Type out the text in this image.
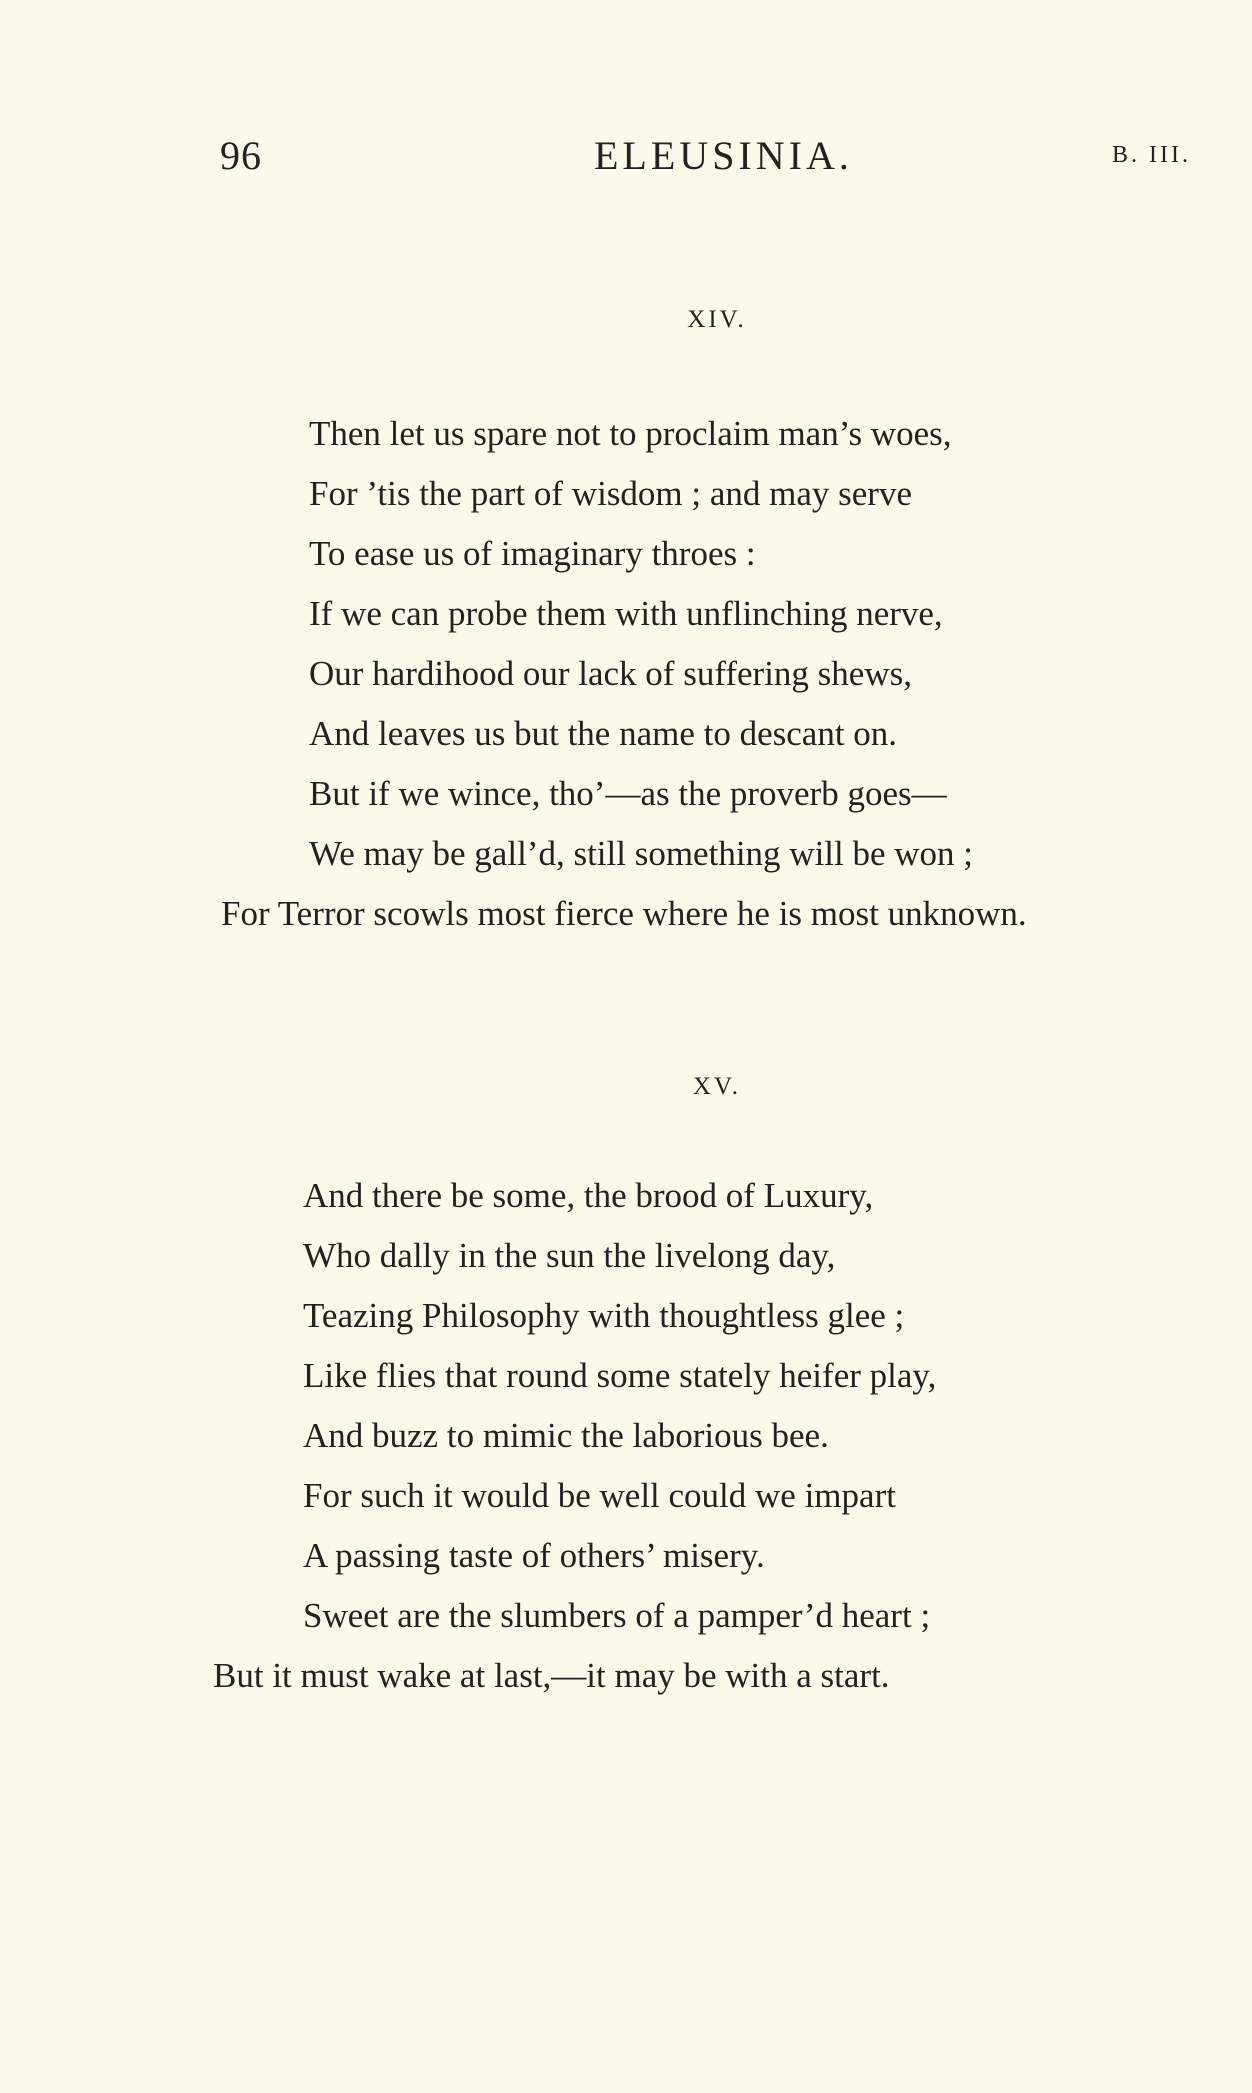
96	ELEUSINIA.	B. III.
XIV.
Then let us spare not to proclaim man’s woes,
For ’tis the part of wisdom ; and may serve
To ease us of imaginary throes :
If we can probe them with unflinching nerve,
Our hardihood our lack of suffering shews,
And leaves us but the name to descant on.
But if we wince, tho’—as the proverb goes—
We may be gall’d, still something will be won ;
For Terror scowls most fierce where he is most unknown.
XV.
And there be some, the brood of Luxury,
Who dally in the sun the livelong day,
Teazing Philosophy with thoughtless glee ;
Like flies that round some stately heifer play,
And buzz to mimic the laborious bee.
For such it would be well could we impart
A passing taste of others’ misery.
Sweet are the slumbers of a pamper’d heart ;
But it must wake at last,—it may be with a start.
